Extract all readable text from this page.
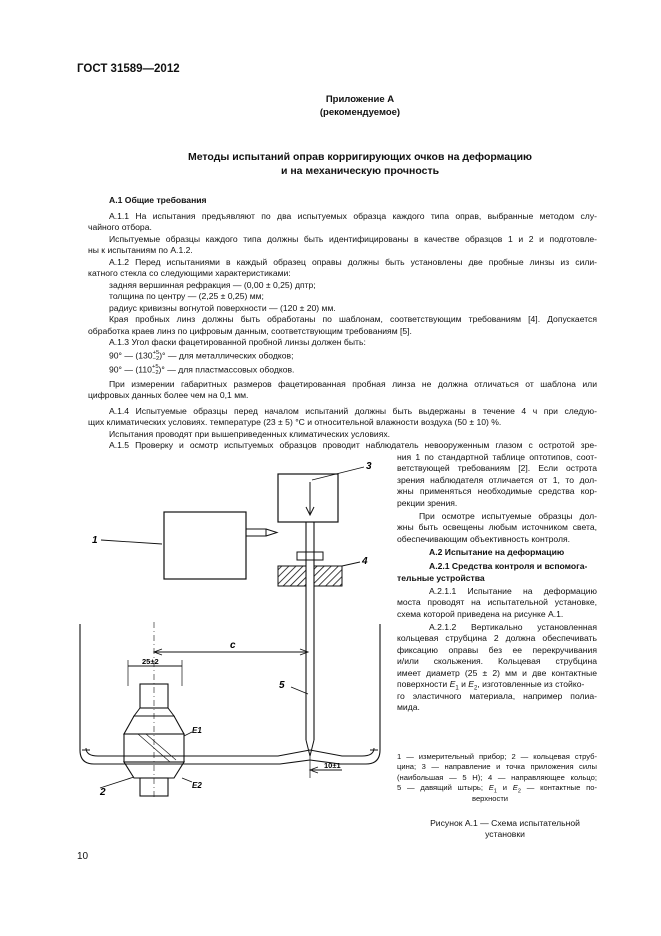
ГОСТ 31589—2012
Приложение А
(рекомендуемое)
Методы испытаний оправ корригирующих очков на деформацию
и на механическую прочность
А.1 Общие требования
А.1.1 На испытания предъявляют по два испытуемых образца каждого типа оправ, выбранные методом слу-
чайного отбора.
Испытуемые образцы каждого типа должны быть идентифицированы в качестве образцов 1 и 2 и подготовле-
ны к испытаниям по А.1.2.
А.1.2 Перед испытаниями в каждый образец оправы должны быть установлены две пробные линзы из сили-
катного стекла со следующими характеристиками:
задняя вершинная рефракция — (0,00 ± 0,25) дптр;
толщина по центру — (2,25 ± 0,25) мм;
радиус кривизны вогнутой поверхности — (120 ± 20) мм.
Края пробных линз должны быть обработаны по шаблонам, соответствующим требованиям [4]. Допускается
обработка краев линз по цифровым данным, соответствующим требованиям [5].
А.1.3 Угол фаски фацетированной пробной линзы должен быть:
90° — (130 +5
−2 )° — для металлических ободков;
90° — (110 +5
−2 )° — для пластмассовых ободков.
При измерении габаритных размеров фацетированная пробная линза не должна отличаться от шаблона или
цифровых данных более чем на 0,1 мм.
А.1.4 Испытуемые образцы перед началом испытаний должны быть выдержаны в течение 4 ч при следую-
щих климатических условиях. температуре (23 ± 5) °С и относительной влажности воздуха (50 ± 10) %.
Испытания проводят при вышеприведенных климатических условиях.
А.1.5 Проверку и осмотр испытуемых образцов проводит наблюдатель невооруженным глазом с остротой зре-
ния 1 по стандартной таблице оптотипов, соот-
ветствующей требованиям [2]. Если острота
зрения наблюдателя отличается от 1, то дол-
жны применяться необходимые средства кор-
рекции зрения.
При осмотре испытуемые образцы дол-
жны быть освещены любым источником света,
обеспечивающим объективность контроля.
А.2 Испытание на деформацию
А.2.1 Средства контроля и вспомога-
тельные устройства
А.2.1.1 Испытание на деформацию
моста проводят на испытательной установке,
схема которой приведена на рисунке А.1.
А.2.1.2 Вертикально установленная
кольцевая струбцина 2 должна обеспечивать
фиксацию оправы без ее перекручивания
и/или скольжения. Кольцевая струбцина
имеет диаметр (25 ± 2) мм и две контактные
поверхности $E_1$ и $E_2$, изготовленные из стойко-
го эластичного материала, например полиа-
мида.
1 — измерительный прибор; 2 — кольцевая струб-
цина; 3 — направление и точка приложения силы
(наибольшая — 5 Н); 4 — направляющее кольцо;
5 — давящий штырь; $E_1$ и $E_2$ — контактные по-
верхности
Рисунок А.1 — Схема испытательной
установки
1
3
4
5
2
c
25±2
E1
E2
10±1
10
